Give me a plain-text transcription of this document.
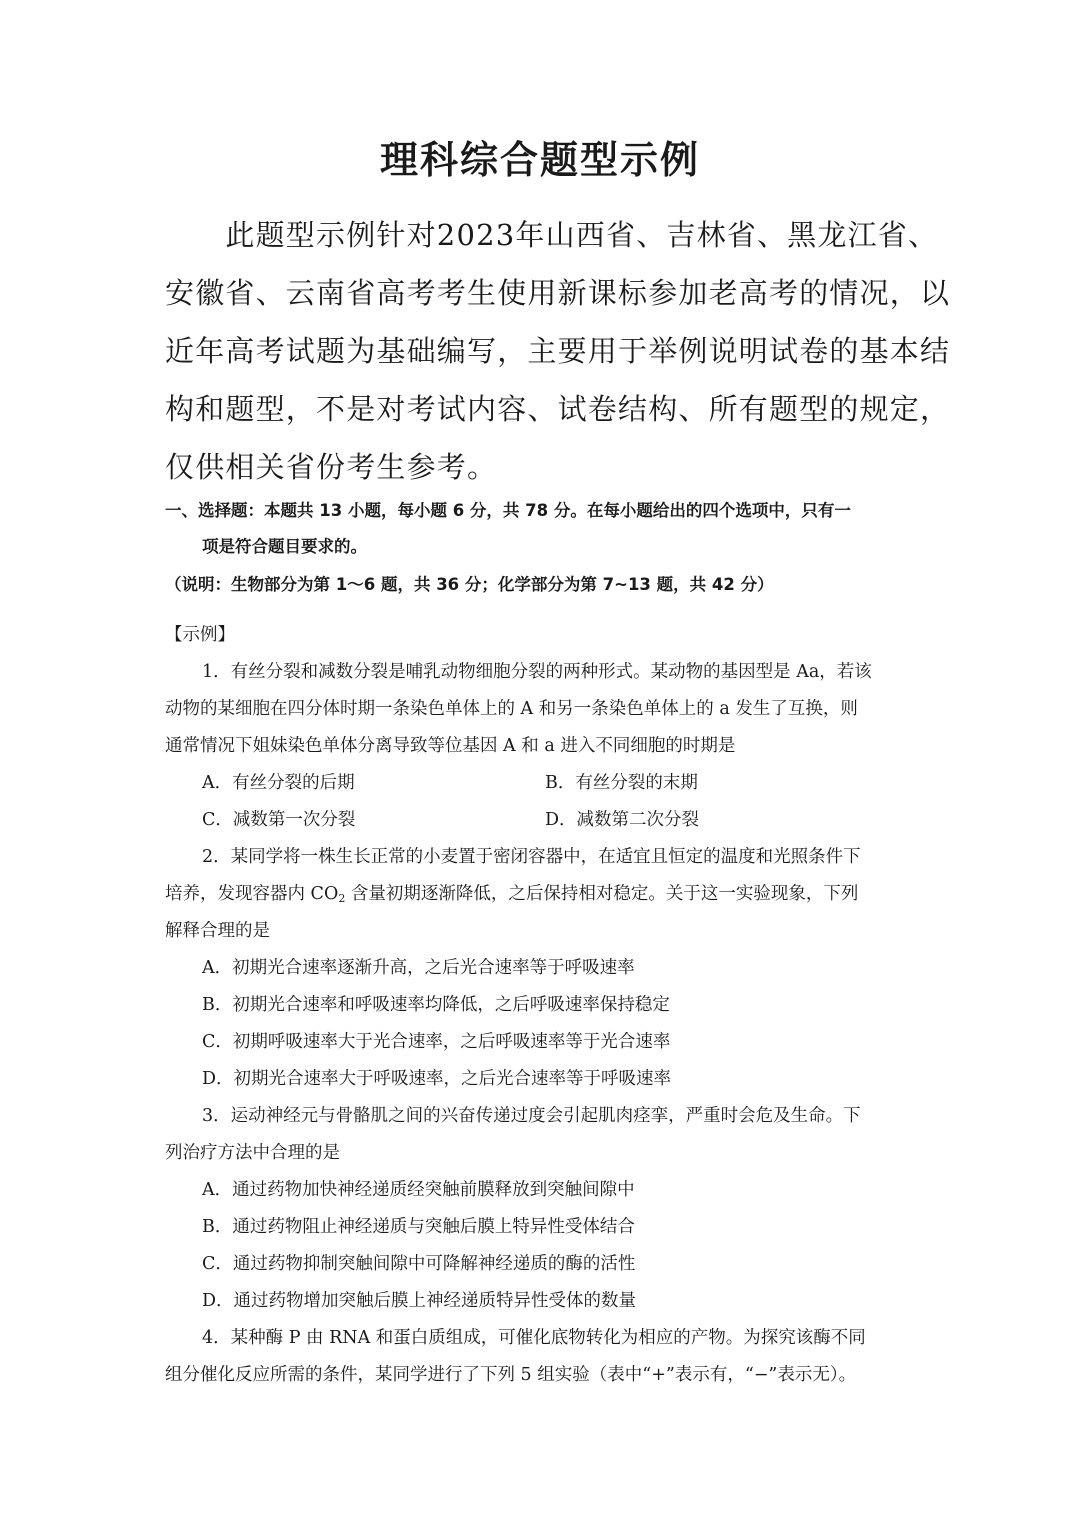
理科综合题型示例
　　此题型示例针对2023年山西省、吉林省、黑龙江省、
安徽省、云南省高考考生使用新课标参加老高考的情况，以
近年高考试题为基础编写，主要用于举例说明试卷的基本结
构和题型，不是对考试内容、试卷结构、所有题型的规定，
仅供相关省份考生参考。
一、选择题：本题共 13 小题，每小题 6 分，共 78 分。在每小题给出的四个选项中，只有一
项是符合题目要求的。
（说明：生物部分为第 1～6 题，共 36 分；化学部分为第 7~13 题，共 42 分）
【示例】
1．有丝分裂和减数分裂是哺乳动物细胞分裂的两种形式。某动物的基因型是 Aa，若该
动物的某细胞在四分体时期一条染色单体上的 A 和另一条染色单体上的 a 发生了互换，则
通常情况下姐妹染色单体分离导致等位基因 A 和 a 进入不同细胞的时期是
A．有丝分裂的后期	B．有丝分裂的末期
C．减数第一次分裂	D．减数第二次分裂
2．某同学将一株生长正常的小麦置于密闭容器中，在适宜且恒定的温度和光照条件下
培养，发现容器内 $CO_2$ 含量初期逐渐降低，之后保持相对稳定。关于这一实验现象，下列
解释合理的是
A．初期光合速率逐渐升高，之后光合速率等于呼吸速率
B．初期光合速率和呼吸速率均降低，之后呼吸速率保持稳定
C．初期呼吸速率大于光合速率，之后呼吸速率等于光合速率
D．初期光合速率大于呼吸速率，之后光合速率等于呼吸速率
3．运动神经元与骨骼肌之间的兴奋传递过度会引起肌肉痉挛，严重时会危及生命。下
列治疗方法中合理的是
A．通过药物加快神经递质经突触前膜释放到突触间隙中
B．通过药物阻止神经递质与突触后膜上特异性受体结合
C．通过药物抑制突触间隙中可降解神经递质的酶的活性
D．通过药物增加突触后膜上神经递质特异性受体的数量
4．某种酶 P 由 RNA 和蛋白质组成，可催化底物转化为相应的产物。为探究该酶不同
组分催化反应所需的条件，某同学进行了下列 5 组实验（表中“+”表示有，“−”表示无）。
